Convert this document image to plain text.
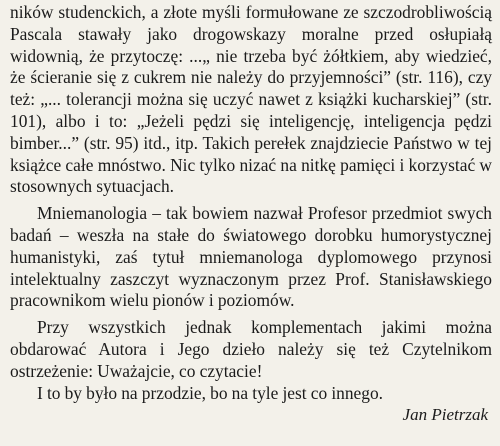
ników studenckich, a złote myśli formułowane ze szczodrobliwością Pascala stawały jako drogowskazy moralne przed osłupiałą widownią, że przytoczę: ...„ nie trzeba być żółtkiem, aby wiedzieć, że ścieranie się z cukrem nie należy do przyjemności” (str. 116), czy też: „... tolerancji można się uczyć nawet z książki kucharskiej” (str. 101), albo i to: „Jeżeli pędzi się inteligencję, inteligencja pędzi bimber...” (str. 95) itd., itp. Takich perełek znajdziecie Państwo w tej książce całe mnóstwo. Nic tylko nizać na nitkę pamięci i korzystać w stosownych sytuacjach.

Mniemanologia – tak bowiem nazwał Profesor przedmiot swych badań – weszła na stałe do światowego dorobku humorystycznej humanistyki, zaś tytuł mniemanologa dyplomowego przynosi intelektualny zaszczyt wyznaczonym przez Prof. Stanisławskiego pracownikom wielu pionów i poziomów.

Przy wszystkich jednak komplementach jakimi można obdarować Autora i Jego dzieło należy się też Czytelnikom ostrzeżenie: Uważajcie, co czytacie!

I to by było na przodzie, bo na tyle jest co innego.

Jan Pietrzak
